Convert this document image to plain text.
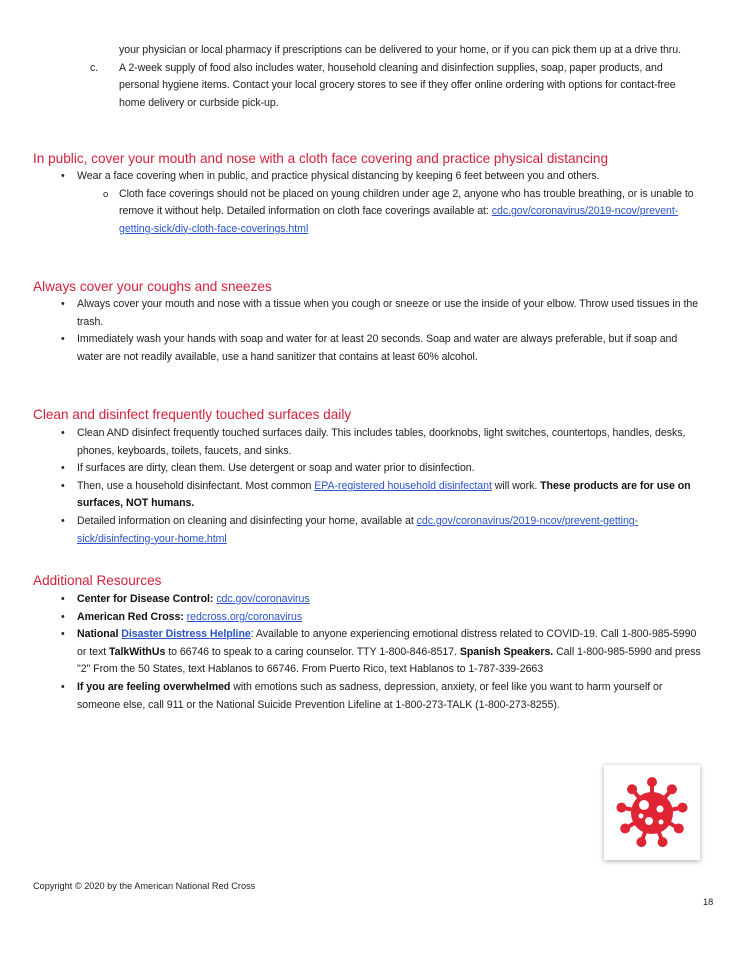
your physician or local pharmacy if prescriptions can be delivered to your home, or if you can pick them up at a drive thru.

c. A 2-week supply of food also includes water, household cleaning and disinfection supplies, soap, paper products, and personal hygiene items. Contact your local grocery stores to see if they offer online ordering with options for contact-free home delivery or curbside pick-up.

In public, cover your mouth and nose with a cloth face covering and practice physical distancing
• Wear a face covering when in public, and practice physical distancing by keeping 6 feet between you and others.

o Cloth face coverings should not be placed on young children under age 2, anyone who has trouble breathing, or is unable to remove it without help. Detailed information on cloth face coverings available at: cdc.gov/coronavirus/2019-ncov/prevent-getting-sick/diy-cloth-face-coverings.html

Always cover your coughs and sneezes
• Always cover your mouth and nose with a tissue when you cough or sneeze or use the inside of your elbow. Throw used tissues in the trash.

• Immediately wash your hands with soap and water for at least 20 seconds. Soap and water are always preferable, but if soap and water are not readily available, use a hand sanitizer that contains at least 60% alcohol.

Clean and disinfect frequently touched surfaces daily
• Clean AND disinfect frequently touched surfaces daily. This includes tables, doorknobs, light switches, countertops, handles, desks, phones, keyboards, toilets, faucets, and sinks.

• If surfaces are dirty, clean them. Use detergent or soap and water prior to disinfection.

• Then, use a household disinfectant. Most common EPA-registered household disinfectant will work. These products are for use on surfaces, NOT humans.

• Detailed information on cleaning and disinfecting your home, available at cdc.gov/coronavirus/2019-ncov/prevent-getting-sick/disinfecting-your-home.html

Additional Resources
• Center for Disease Control: cdc.gov/coronavirus

• American Red Cross: redcross.org/coronavirus

• National Disaster Distress Helpline: Available to anyone experiencing emotional distress related to COVID-19. Call 1-800-985-5990 or text TalkWithUs to 66746 to speak to a caring counselor. TTY 1-800-846-8517. Spanish Speakers. Call 1-800-985-5990 and press "2" From the 50 States, text Hablanos to 66746. From Puerto Rico, text Hablanos to 1-787-339-2663

• If you are feeling overwhelmed with emotions such as sadness, depression, anxiety, or feel like you want to harm yourself or someone else, call 911 or the National Suicide Prevention Lifeline at 1-800-273-TALK (1-800-273-8255).

Copyright © 2020 by the American National Red Cross
18
